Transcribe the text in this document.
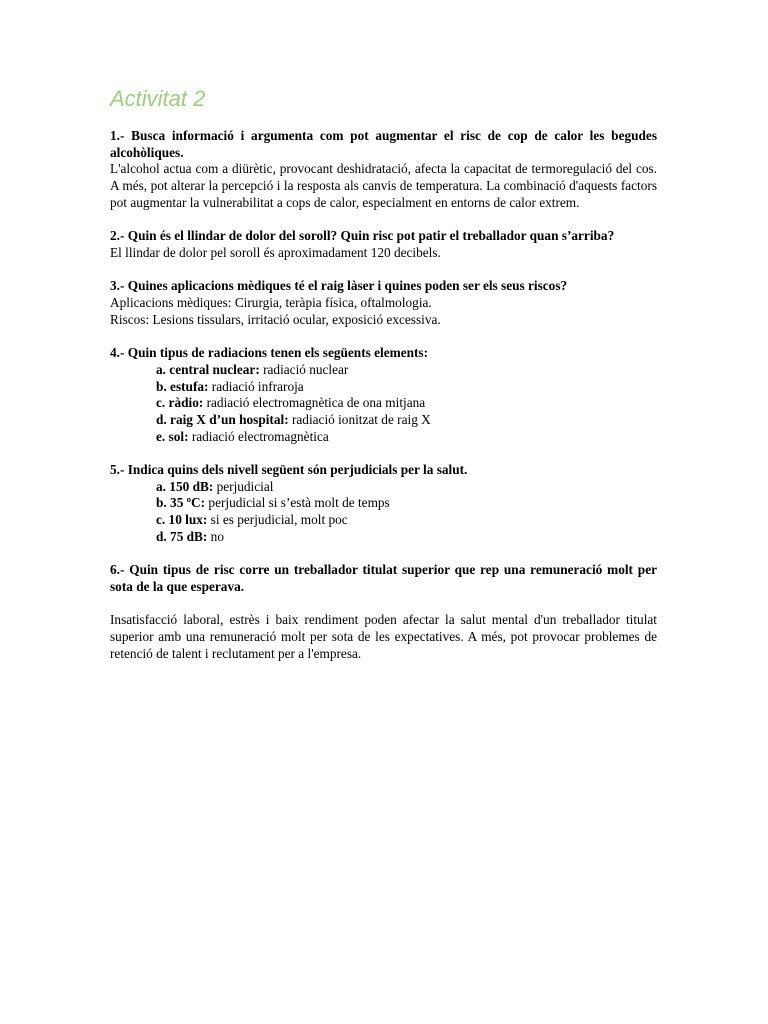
Activitat 2

1.- Busca informació i argumenta com pot augmentar el risc de cop de calor les begudes alcohòliques.

L'alcohol actua com a diürètic, provocant deshidratació, afecta la capacitat de termoregulació del cos. A més, pot alterar la percepció i la resposta als canvis de temperatura. La combinació d'aquests factors pot augmentar la vulnerabilitat a cops de calor, especialment en entorns de calor extrem.

2.- Quin és el llindar de dolor del soroll? Quin risc pot patir el treballador quan s’arriba?

El llindar de dolor pel soroll és aproximadament 120 decibels.

3.- Quines aplicacions mèdiques té el raig làser i quines poden ser els seus riscos?

Aplicacions mèdiques: Cirurgia, teràpia física, oftalmologia.

Riscos: Lesions tissulars, irritació ocular, exposició excessiva.

4.- Quin tipus de radiacions tenen els següents elements:

a. central nuclear: radiació nuclear
b. estufa: radiació infraroja
c. ràdio: radiació electromagnètica de ona mitjana
d. raig X d’un hospital: radiació ionitzat de raig X
e. sol: radiació electromagnètica

5.- Indica quins dels nivell següent són perjudicials per la salut.

a. 150 dB: perjudicial
b. 35 ºC: perjudicial si s’està molt de temps
c. 10 lux: si es perjudicial, molt poc
d. 75 dB: no

6.- Quin tipus de risc corre un treballador titulat superior que rep una remuneració molt per sota de la que esperava.

Insatisfacció laboral, estrès i baix rendiment poden afectar la salut mental d'un treballador titulat superior amb una remuneració molt per sota de les expectatives. A més, pot provocar problemes de retenció de talent i reclutament per a l'empresa.
